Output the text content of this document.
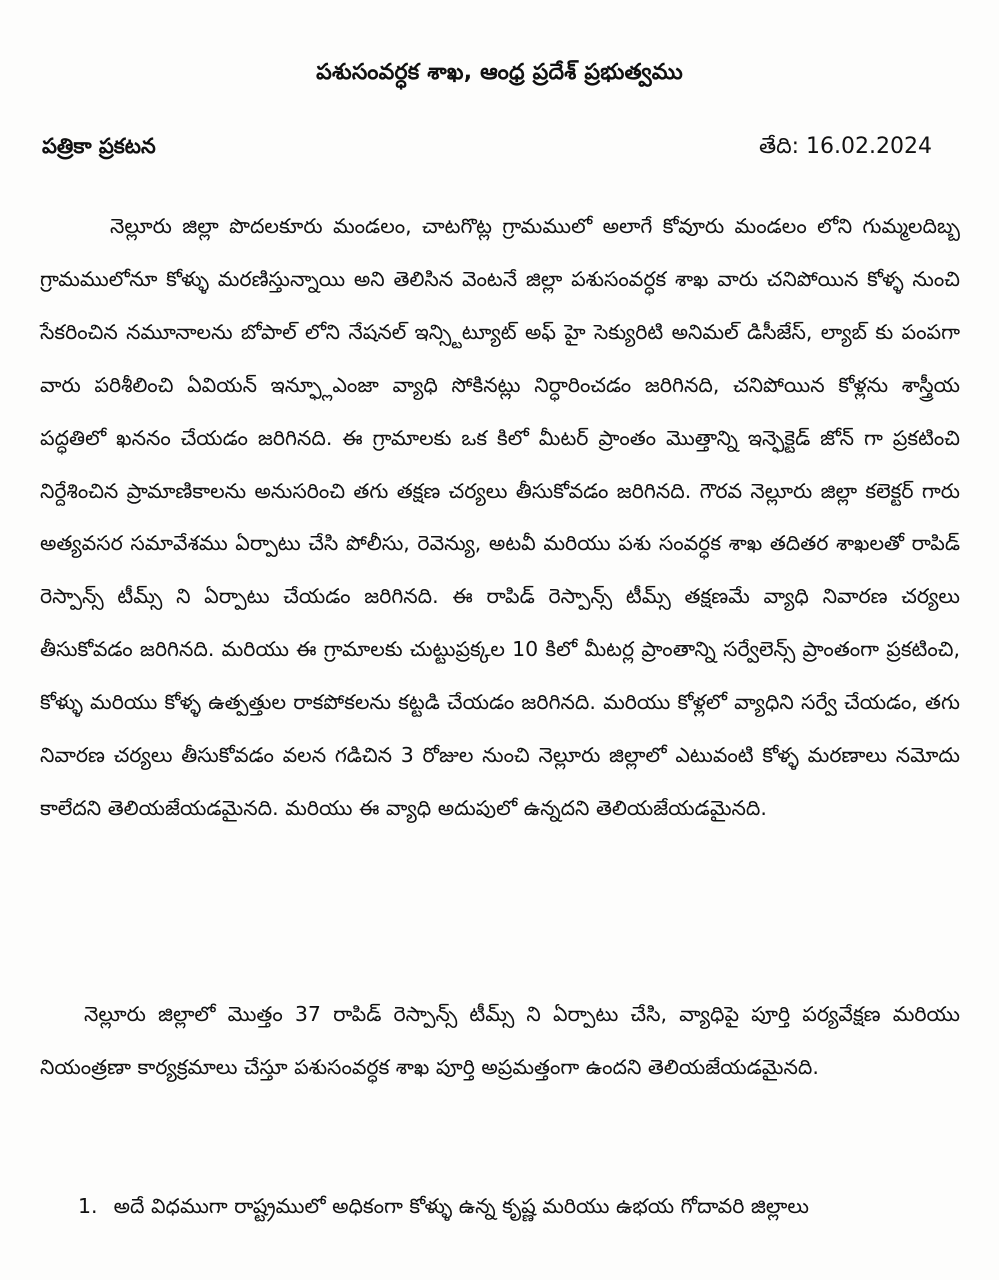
పశుసంవర్ధక శాఖ, ఆంధ్ర ప్రదేశ్ ప్రభుత్వము
పత్రికా ప్రకటన	తేది: 16.02.2024

నెల్లూరు జిల్లా పొదలకూరు మండలం, చాటగొట్ల గ్రామములో అలాగే కోవూరు మండలం లోని గుమ్మలదిబ్బ గ్రామములోనూ కోళ్ళు మరణిస్తున్నాయి అని తెలిసిన వెంటనే జిల్లా పశుసంవర్ధక శాఖ వారు చనిపోయిన కోళ్ళ నుంచి సేకరించిన నమూనాలను బోపాల్ లోని నేషనల్ ఇన్స్టిట్యూట్ అఫ్ హై సెక్యురిటి అనిమల్ డిసీజేస్, ల్యాబ్ కు పంపగా వారు పరిశీలించి ఏవియన్ ఇన్ఫ్లూఎంజా వ్యాధి సోకినట్లు నిర్ధారించడం జరిగినది, చనిపోయిన కోళ్లను శాస్త్రీయ పద్ధతిలో ఖననం చేయడం జరిగినది. ఈ గ్రామాలకు ఒక కిలో మీటర్ ప్రాంతం మొత్తాన్ని ఇన్ఫెక్టెడ్ జోన్ గా ప్రకటించి నిర్దేశించిన ప్రామాణికాలను అనుసరించి తగు తక్షణ చర్యలు తీసుకోవడం జరిగినది. గౌరవ నెల్లూరు జిల్లా కలెక్టర్ గారు అత్యవసర సమావేశము ఏర్పాటు చేసి పోలీసు, రెవెన్యు, అటవీ మరియు పశు సంవర్ధక శాఖ తదితర శాఖలతో రాపిడ్ రెస్పాన్స్ టీమ్స్ ని ఏర్పాటు చేయడం జరిగినది. ఈ రాపిడ్ రెస్పాన్స్ టీమ్స్ తక్షణమే వ్యాధి నివారణ చర్యలు తీసుకోవడం జరిగినది. మరియు ఈ గ్రామాలకు చుట్టుప్రక్కల 10 కిలో మీటర్ల ప్రాంతాన్ని సర్వేలెన్స్ ప్రాంతంగా ప్రకటించి, కోళ్ళు మరియు కోళ్ళ ఉత్పత్తుల రాకపోకలను కట్టడి చేయడం జరిగినది. మరియు కోళ్లలో వ్యాధిని సర్వే చేయడం, తగు నివారణ చర్యలు తీసుకోవడం వలన గడిచిన 3 రోజుల నుంచి నెల్లూరు జిల్లాలో ఎటువంటి కోళ్ళ మరణాలు నమోదు కాలేదని తెలియజేయడమైనది. మరియు ఈ వ్యాధి అదుపులో ఉన్నదని తెలియజేయడమైనది.

నెల్లూరు జిల్లాలో మొత్తం 37 రాపిడ్ రెస్పాన్స్ టీమ్స్ ని ఏర్పాటు చేసి, వ్యాధిపై పూర్తి పర్యవేక్షణ మరియు నియంత్రణా కార్యక్రమాలు చేస్తూ పశుసంవర్ధక శాఖ పూర్తి అప్రమత్తంగా ఉందని తెలియజేయడమైనది.

1. అదే విధముగా రాష్ట్రములో అధికంగా కోళ్ళు ఉన్న కృష్ణ మరియు ఉభయ గోదావరి జిల్లాలు
